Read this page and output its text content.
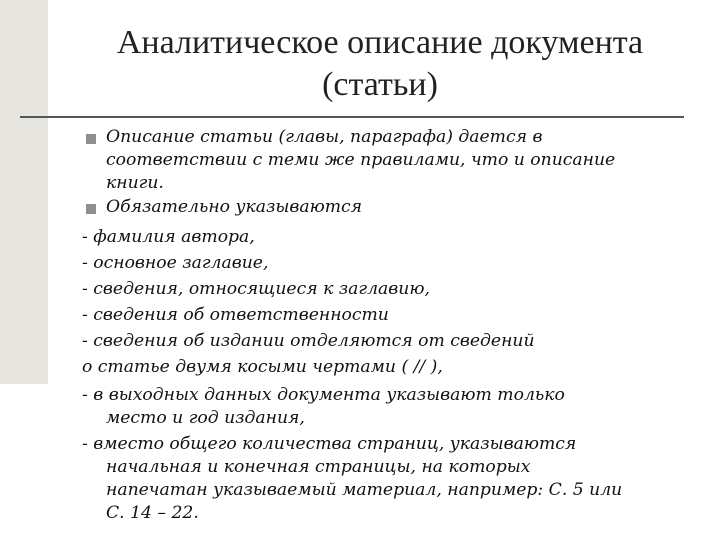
Аналитическое описание документа
(статьи)
Описание статьи (главы, параграфа) дается в
соответствии с теми же правилами, что и описание
книги.
Обязательно указываются
- фамилия автора,
- основное заглавие,
- сведения, относящиеся к заглавию,
- сведения об ответственности
- сведения об издании отделяются от сведений
о статье двумя косыми чертами ( // ),
- в выходных данных документа указывают только
место и год издания,
- вместо общего количества страниц, указываются
начальная и конечная страницы, на которых
напечатан указываемый материал, например: С. 5 или
С. 14 – 22.
